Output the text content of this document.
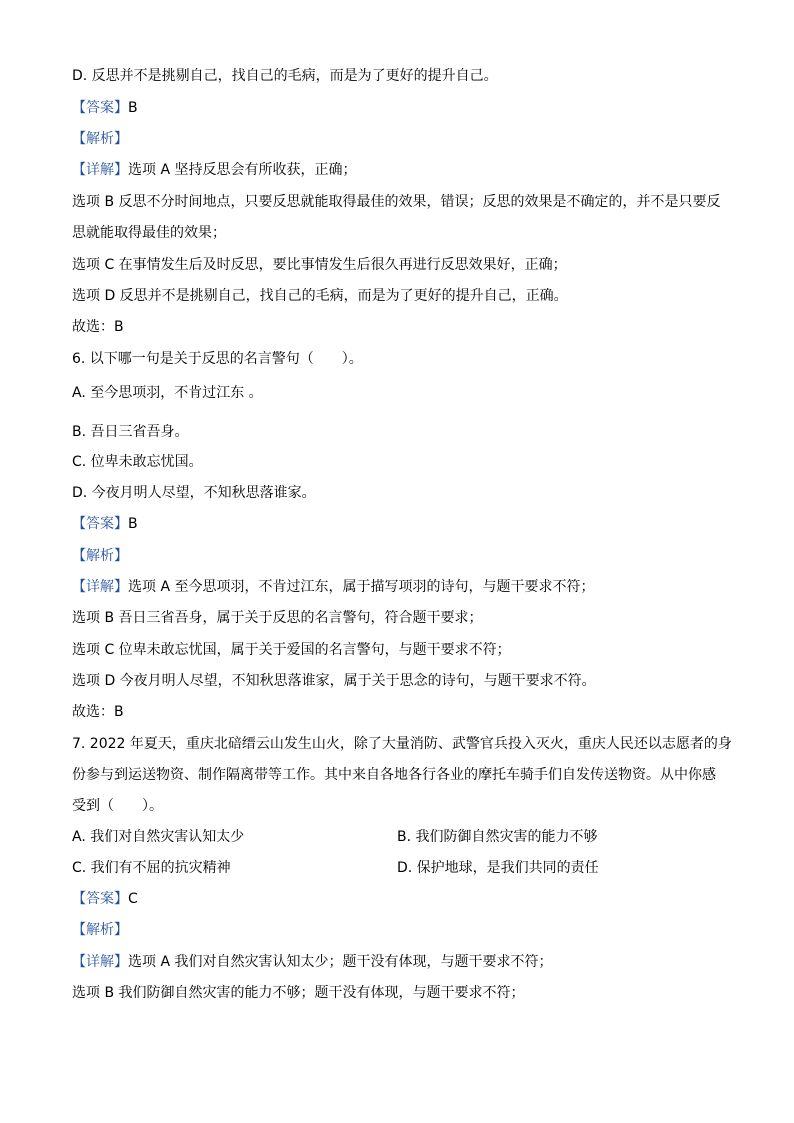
D. 反思并不是挑剔自己，找自己的毛病，而是为了更好的提升自己。
【答案】B
【解析】
【详解】选项 A 坚持反思会有所收获，正确；
选项 B 反思不分时间地点，只要反思就能取得最佳的效果，错误；反思的效果是不确定的，并不是只要反
思就能取得最佳的效果；
选项 C 在事情发生后及时反思，要比事情发生后很久再进行反思效果好，正确；
选项 D 反思并不是挑剔自己，找自己的毛病，而是为了更好的提升自己，正确。
故选：B
6. 以下哪一句是关于反思的名言警句（　　）。
A. 至今思项羽，不肯过江东 。
B. 吾日三省吾身。
C. 位卑未敢忘忧国。
D. 今夜月明人尽望，不知秋思落谁家。
【答案】B
【解析】
【详解】选项 A 至今思项羽，不肯过江东，属于描写项羽的诗句，与题干要求不符；
选项 B 吾日三省吾身，属于关于反思的名言警句，符合题干要求；
选项 C 位卑未敢忘忧国，属于关于爱国的名言警句，与题干要求不符；
选项 D 今夜月明人尽望，不知秋思落谁家，属于关于思念的诗句，与题干要求不符。
故选：B
7. 2022 年夏天，重庆北碚缙云山发生山火，除了大量消防、武警官兵投入灭火，重庆人民还以志愿者的身
份参与到运送物资、制作隔离带等工作。其中来自各地各行各业的摩托车骑手们自发传送物资。从中你感
受到（　　）。
A. 我们对自然灾害认知太少	B. 我们防御自然灾害的能力不够
C. 我们有不屈的抗灾精神	D. 保护地球，是我们共同的责任
【答案】C
【解析】
【详解】选项 A 我们对自然灾害认知太少；题干没有体现，与题干要求不符；
选项 B 我们防御自然灾害的能力不够；题干没有体现，与题干要求不符；
